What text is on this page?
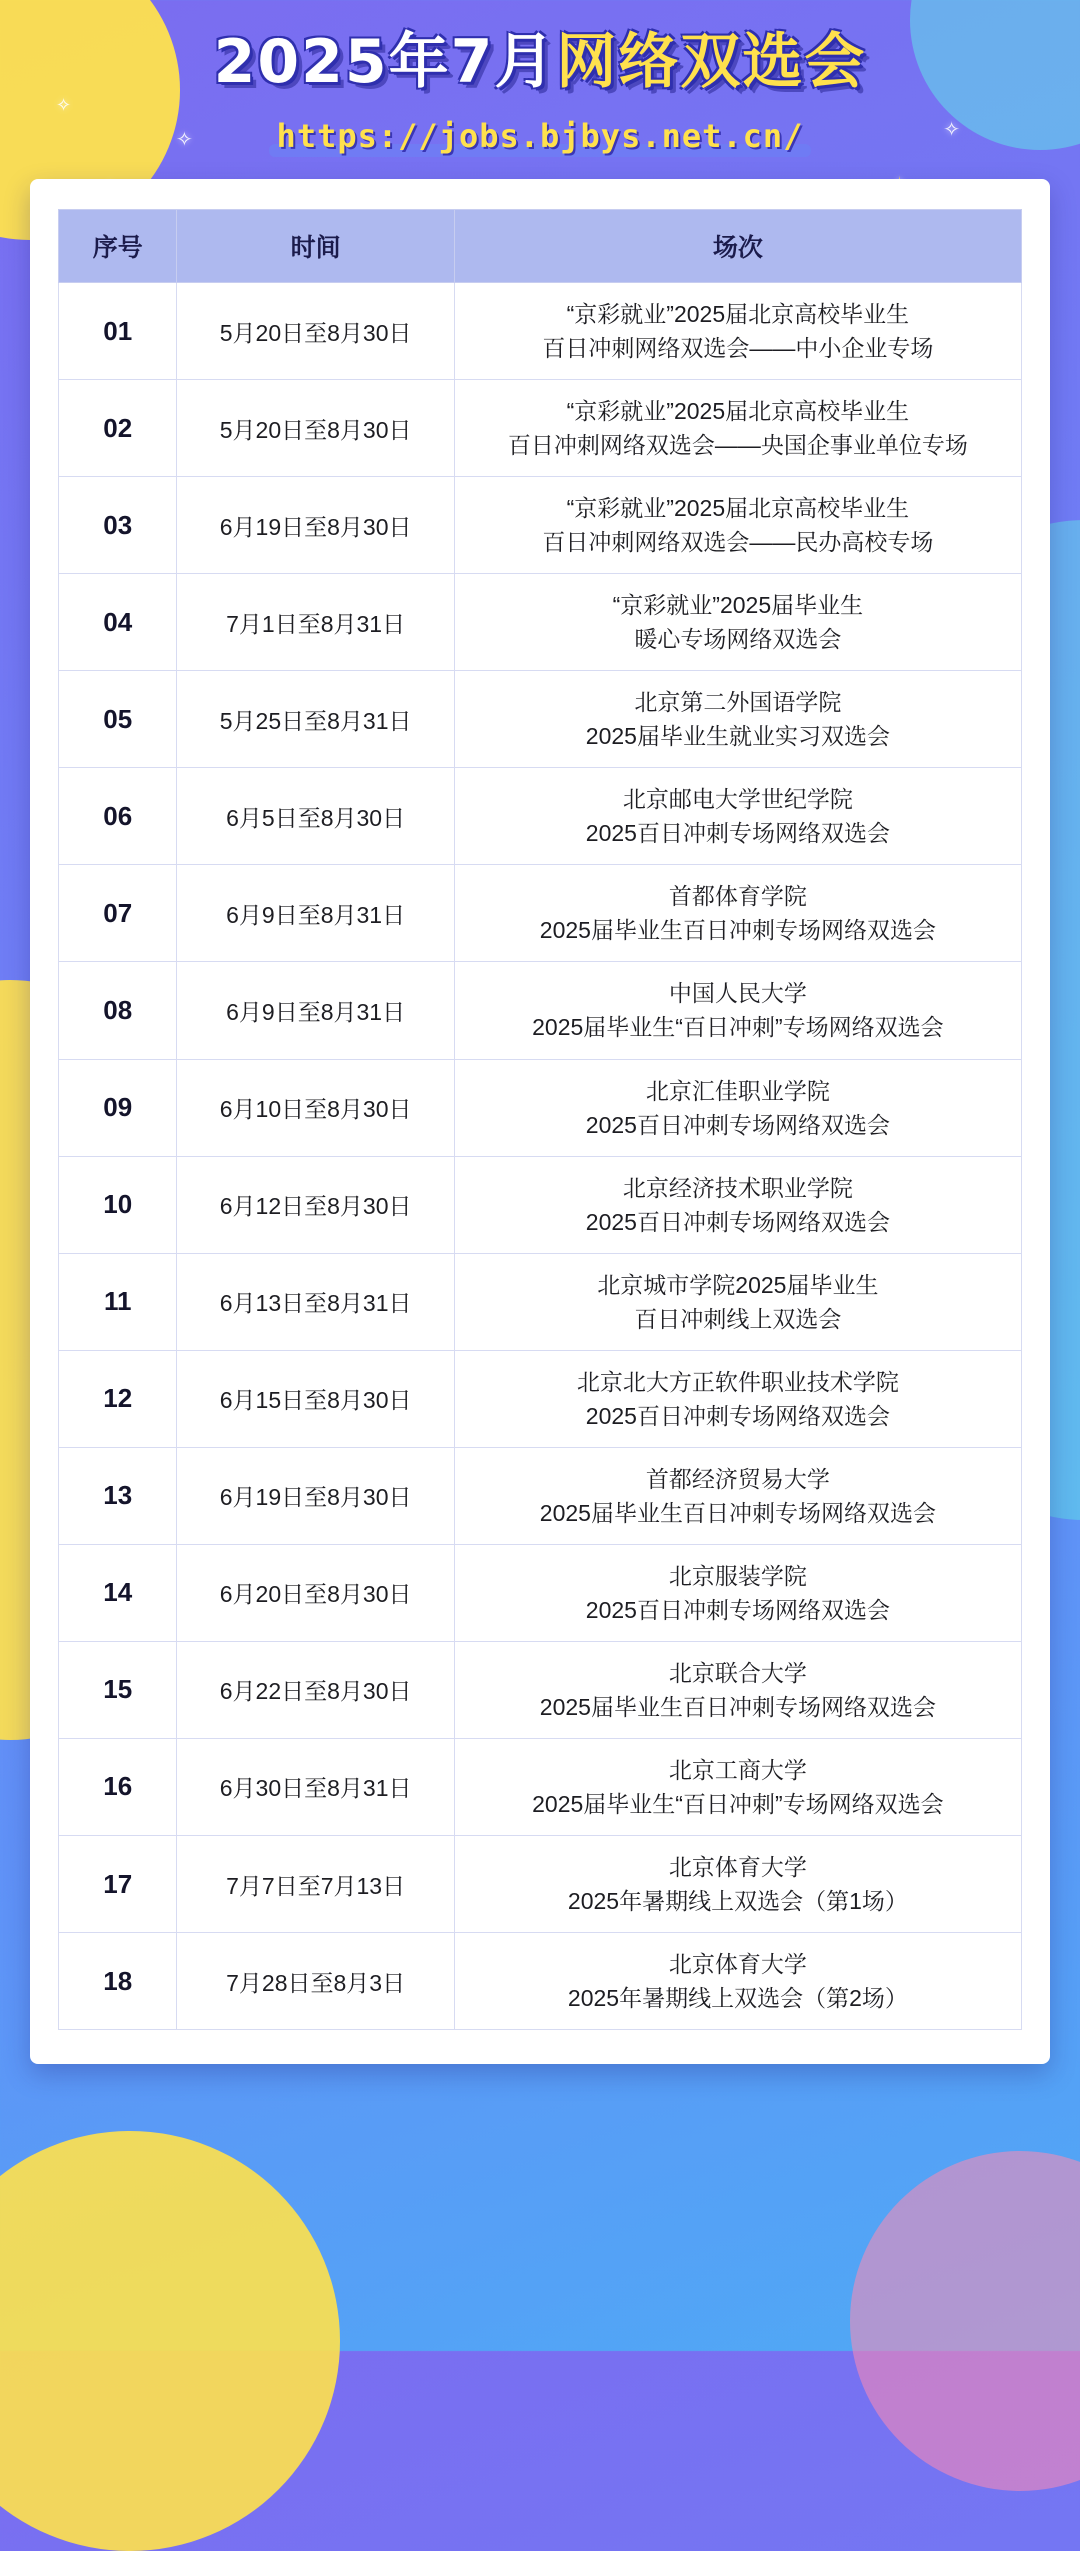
2025年7月网络双选会
https://jobs.bjbys.net.cn/
✧	✧
✧
序号	时间	场次
01	5月20日至8月30日	“京彩就业”2025届北京高校毕业生
百日冲刺网络双选会——中小企业专场

02	5月20日至8月30日	“京彩就业”2025届北京高校毕业生
百日冲刺网络双选会——央国企事业单位专场

03	6月19日至8月30日	“京彩就业”2025届北京高校毕业生
百日冲刺网络双选会——民办高校专场

04	7月1日至8月31日	“京彩就业”2025届毕业生
暖心专场网络双选会

05	5月25日至8月31日	北京第二外国语学院
2025届毕业生就业实习双选会

06	6月5日至8月30日	北京邮电大学世纪学院
2025百日冲刺专场网络双选会

07	6月9日至8月31日	首都体育学院
2025届毕业生百日冲刺专场网络双选会

08	6月9日至8月31日	中国人民大学
2025届毕业生“百日冲刺”专场网络双选会

09	6月10日至8月30日	北京汇佳职业学院
2025百日冲刺专场网络双选会

10	6月12日至8月30日	北京经济技术职业学院
2025百日冲刺专场网络双选会

11	6月13日至8月31日	北京城市学院2025届毕业生
百日冲刺线上双选会

12	6月15日至8月30日	北京北大方正软件职业技术学院
2025百日冲刺专场网络双选会

13	6月19日至8月30日	首都经济贸易大学
2025届毕业生百日冲刺专场网络双选会

14	6月20日至8月30日	北京服装学院
2025百日冲刺专场网络双选会

15	6月22日至8月30日	北京联合大学
2025届毕业生百日冲刺专场网络双选会

16	6月30日至8月31日	北京工商大学
2025届毕业生“百日冲刺”专场网络双选会

17	7月7日至7月13日	北京体育大学
2025年暑期线上双选会（第1场）

18	7月28日至8月3日	北京体育大学
2025年暑期线上双选会（第2场）
